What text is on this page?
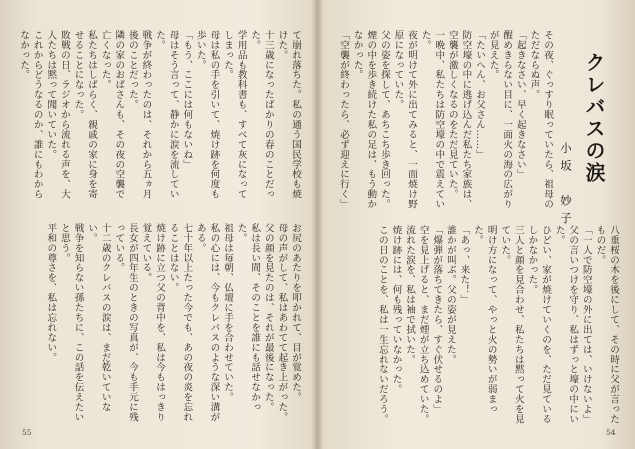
て崩れ落ちた。私の通う国民学校も焼けた。
十三歳になったばかりの春のことだった。
学用品も教科書も、すべて灰になってしまった。
母は私の手を引いて、焼け跡を何度も歩いた。
「もう、ここには何もないね」
母はそう言って、静かに涙を流していた。
戦争が終わったのは、それから五ヵ月後のことだった。
隣の家のおばさんも、その夜の空襲で亡くなった。
私たちはしばらく、親戚の家に身を寄せることになった。
敗戦の日、ラジオから流れる声を、大人たちは黙って聞いていた。
これからどうなるのか、誰にもわからなかった。

お尻のあたりを叩かれて、目が覚めた。
母の声がして、私はあわてて起き上がった。
父の顔を見たのは、それが最後になった。
私は長い間、そのことを誰にも話せなかった。
祖母は毎朝、仏壇に手を合わせていた。
私の心には、今もクレバスのような深い溝がある。
七十年以上たった今でも、あの夜の炎を忘れることはない。
焼け跡に立つ父の背中を、私は今もはっきり覚えている。
長女が四年生のときの写真が、今も手元に残っている。
十二歳のクレバスの涙は、まだ乾いていない。
戦争を知らない孫たちに、この話を伝えたいと思う。
平和の尊さを、私は忘れない。
55
その夜、ぐっすり眠っていたら、祖母のただならぬ声。
「起きなさい、早く起きなさい」
醒めきらない目に、一面火の海の広がりが見えた。
「たいへん、お父さん……」
防空壕の中に逃げ込んだ私たち家族は、空襲が激しくなるのをただ見ていた。
一晩中、私たちは防空壕の中で震えていた。
夜が明けて外に出てみると、一面焼け野原になっていた。
父の姿を探して、あちこち歩き回った。
煙の中を歩き続けた私の足は、もう動かなかった。
「空襲が終わったら、必ず迎えに行く」

クレバスの涙
小坂　妙子
八重桜の木を後にして、その時に父が言ったものだ。
「一人で防空壕の外に出ては、いけないよ」
父の言いつけを守り、私はずっと壕の中にいた。
ひどい、家が焼けていくのを、ただ見ているしかなかった。
三人と顔を見合わせ、私たちは黙って火を見ていた。
明け方になって、やっと火の勢いが弱まった。
「あっ、来た！」
誰かが叫ぶ。父の姿が見えた。
「爆弾が落ちてきたら、すぐ伏せるのよ」
空を見上げると、まだ煙が立ち込めていた。
流れた涙を、私は袖で拭いた。
焼け跡には、何も残っていなかった。
この日のことを、私は一生忘れないだろう。
54
